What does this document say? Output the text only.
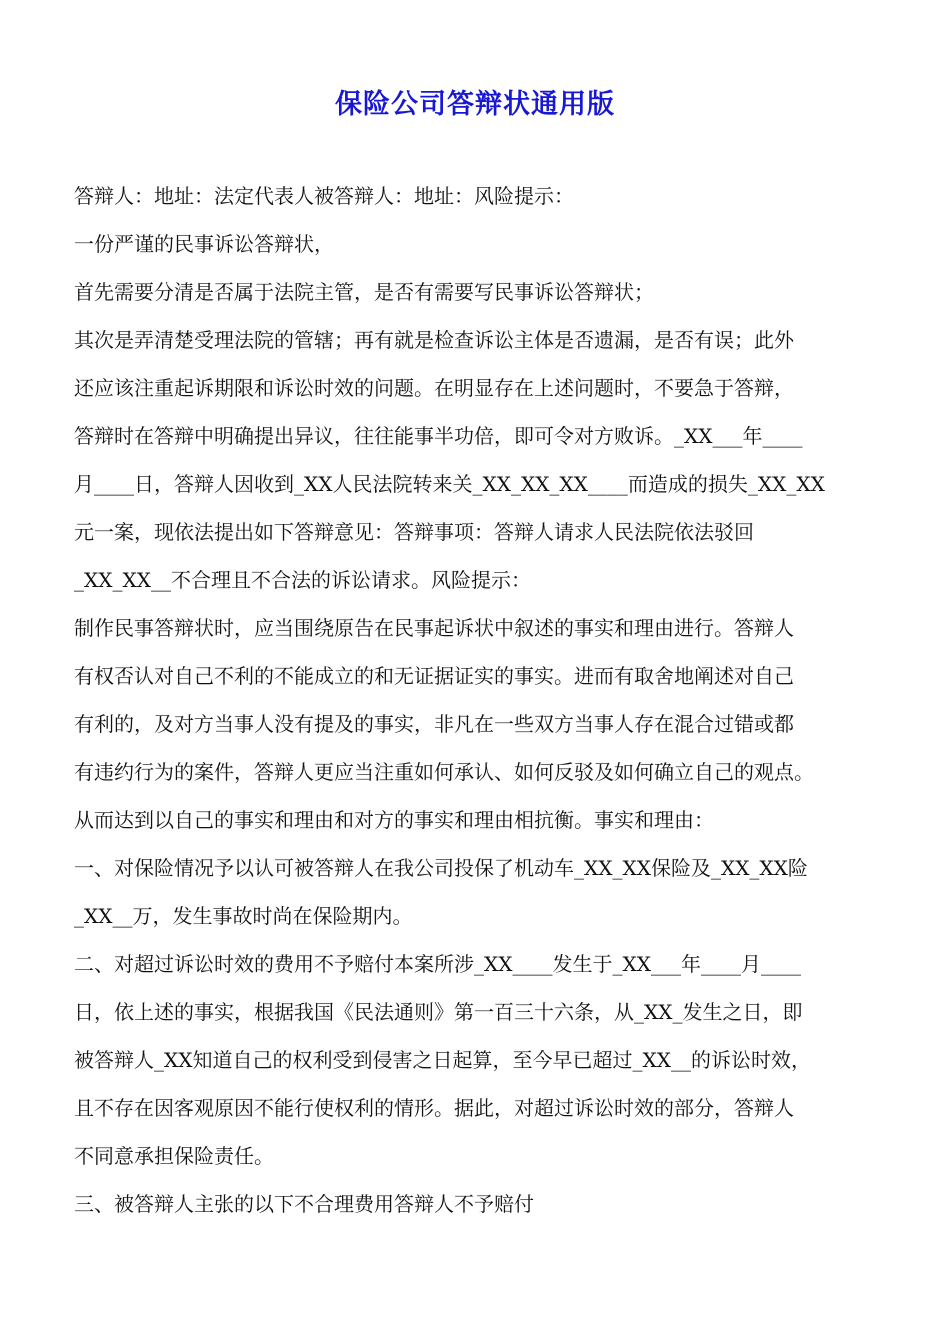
保险公司答辩状通用版

答辩人：地址：法定代表人被答辩人：地址：风险提示：

一份严谨的民事诉讼答辩状，

首先需要分清是否属于法院主管，是否有需要写民事诉讼答辩状；

其次是弄清楚受理法院的管辖；再有就是检查诉讼主体是否遗漏，是否有误；此外

还应该注重起诉期限和诉讼时效的问题。在明显存在上述问题时，不要急于答辩，

答辩时在答辩中明确提出异议，往往能事半功倍，即可令对方败诉。_XX___年____

月____日，答辩人因收到_XX人民法院转来关_XX_XX_XX____而造成的损失_XX_XX

元一案，现依法提出如下答辩意见：答辩事项：答辩人请求人民法院依法驳回

_XX_XX__不合理且不合法的诉讼请求。风险提示：

制作民事答辩状时，应当围绕原告在民事起诉状中叙述的事实和理由进行。答辩人

有权否认对自己不利的不能成立的和无证据证实的事实。进而有取舍地阐述对自己

有利的，及对方当事人没有提及的事实，非凡在一些双方当事人存在混合过错或都

有违约行为的案件，答辩人更应当注重如何承认、如何反驳及如何确立自己的观点。

从而达到以自己的事实和理由和对方的事实和理由相抗衡。事实和理由：

一、对保险情况予以认可被答辩人在我公司投保了机动车_XX_XX保险及_XX_XX险

_XX__万，发生事故时尚在保险期内。

二、对超过诉讼时效的费用不予赔付本案所涉_XX____发生于_XX___年____月____

日，依上述的事实，根据我国《民法通则》第一百三十六条，从_XX_发生之日，即

被答辩人_XX知道自己的权利受到侵害之日起算，至今早已超过_XX__的诉讼时效，

且不存在因客观原因不能行使权利的情形。据此，对超过诉讼时效的部分，答辩人

不同意承担保险责任。

三、被答辩人主张的以下不合理费用答辩人不予赔付
